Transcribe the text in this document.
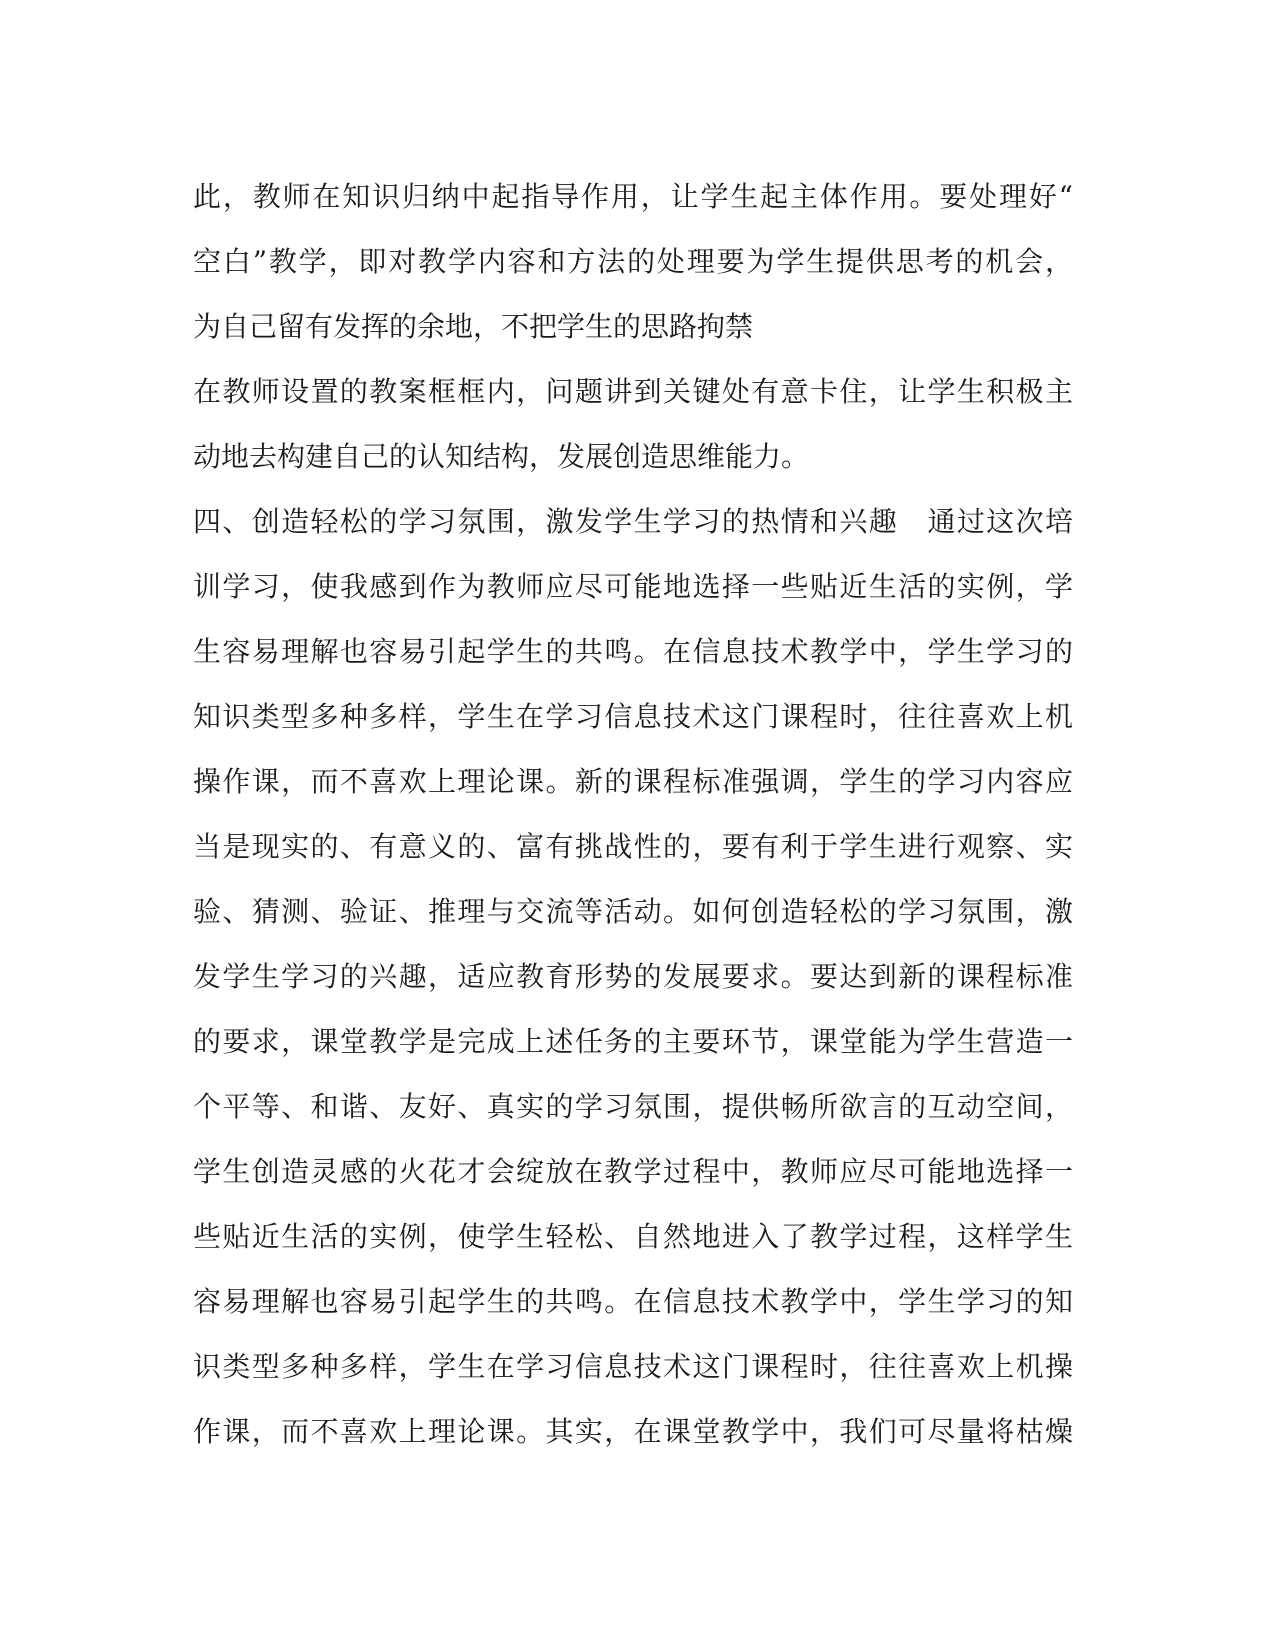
此，教师在知识归纳中起指导作用，让学生起主体作用。要处理好“
空白”教学，即对教学内容和方法的处理要为学生提供思考的机会，
为自己留有发挥的余地，不把学生的思路拘禁
在教师设置的教案框框内，问题讲到关键处有意卡住，让学生积极主
动地去构建自己的认知结构，发展创造思维能力。
四、创造轻松的学习氛围，激发学生学习的热情和兴趣　通过这次培
训学习，使我感到作为教师应尽可能地选择一些贴近生活的实例，学
生容易理解也容易引起学生的共鸣。在信息技术教学中，学生学习的
知识类型多种多样，学生在学习信息技术这门课程时，往往喜欢上机
操作课，而不喜欢上理论课。新的课程标准强调，学生的学习内容应
当是现实的、有意义的、富有挑战性的，要有利于学生进行观察、实
验、猜测、验证、推理与交流等活动。如何创造轻松的学习氛围，激
发学生学习的兴趣，适应教育形势的发展要求。要达到新的课程标准
的要求，课堂教学是完成上述任务的主要环节，课堂能为学生营造一
个平等、和谐、友好、真实的学习氛围，提供畅所欲言的互动空间，
学生创造灵感的火花才会绽放在教学过程中，教师应尽可能地选择一
些贴近生活的实例，使学生轻松、自然地进入了教学过程，这样学生
容易理解也容易引起学生的共鸣。在信息技术教学中，学生学习的知
识类型多种多样，学生在学习信息技术这门课程时，往往喜欢上机操
作课，而不喜欢上理论课。其实，在课堂教学中，我们可尽量将枯燥
